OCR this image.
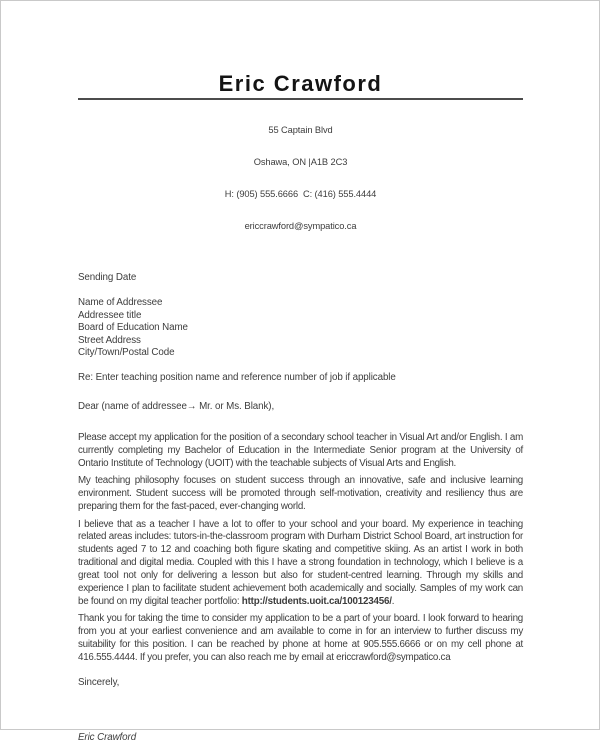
Eric Crawford

55 Captain Blvd

Oshawa, ON |A1B 2C3

H: (905) 555.6666  C: (416) 555.4444

ericcrawford@sympatico.ca

Sending Date
Name of Addressee
Addressee title
Board of Education Name
Street Address
City/Town/Postal Code
Re: Enter teaching position name and reference number of job if applicable
Dear (name of addressee→ Mr. or Ms. Blank),

Please accept my application for the position of a secondary school teacher in Visual Art and/or English. I am currently completing my Bachelor of Education in the Intermediate Senior program at the University of Ontario Institute of Technology (UOIT) with the teachable subjects of Visual Arts and English.

My teaching philosophy focuses on student success through an innovative, safe and inclusive learning environment. Student success will be promoted through self-motivation, creativity and resiliency thus are preparing them for the fast-paced, ever-changing world.

I believe that as a teacher I have a lot to offer to your school and your board. My experience in teaching related areas includes: tutors-in-the-classroom program with Durham District School Board, art instruction for students aged 7 to 12 and coaching both figure skating and competitive skiing. As an artist I work in both traditional and digital media. Coupled with this I have a strong foundation in technology, which I believe is a great tool not only for delivering a lesson but also for student-centred learning. Through my skills and experience I plan to facilitate student achievement both academically and socially. Samples of my work can be found on my digital teacher portfolio: http://students.uoit.ca/100123456/.

Thank you for taking the time to consider my application to be a part of your board. I look forward to hearing from you at your earliest convenience and am available to come in for an interview to further discuss my suitability for this position. I can be reached by phone at home at 905.555.6666 or on my cell phone at 416.555.4444. If you prefer, you can also reach me by email at ericcrawford@sympatico.ca

Sincerely,
Eric Crawford
